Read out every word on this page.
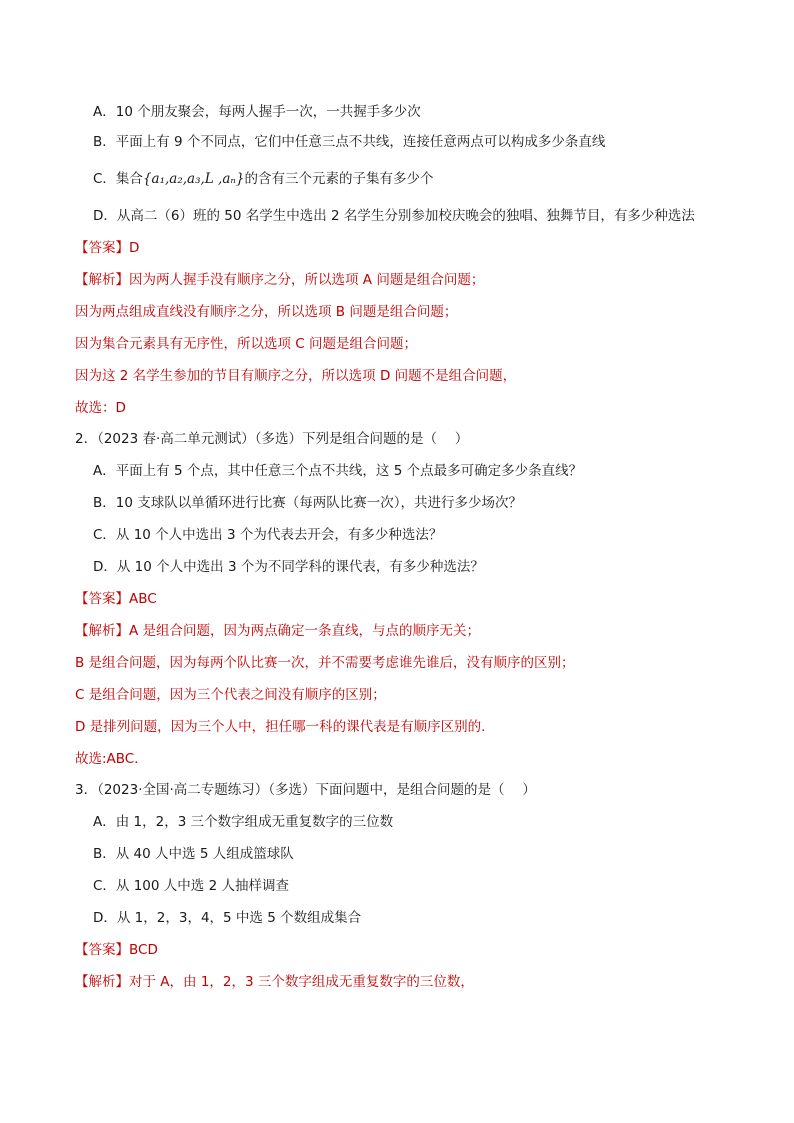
A．10 个朋友聚会，每两人握手一次，一共握手多少次
B．平面上有 9 个不同点，它们中任意三点不共线，连接任意两点可以构成多少条直线
C．集合{a₁,a₂,a₃,L ,aₙ}的含有三个元素的子集有多少个
D．从高二（6）班的 50 名学生中选出 2 名学生分别参加校庆晚会的独唱、独舞节目，有多少种选法
【答案】D
【解析】因为两人握手没有顺序之分，所以选项 A 问题是组合问题；
因为两点组成直线没有顺序之分，所以选项 B 问题是组合问题；
因为集合元素具有无序性，所以选项 C 问题是组合问题；
因为这 2 名学生参加的节目有顺序之分，所以选项 D 问题不是组合问题，
故选：D
2．（2023 春·高二单元测试）（多选）下列是组合问题的是（　 ）
A．平面上有 5 个点，其中任意三个点不共线，这 5 个点最多可确定多少条直线？
B．10 支球队以单循环进行比赛（每两队比赛一次），共进行多少场次？
C．从 10 个人中选出 3 个为代表去开会，有多少种选法？
D．从 10 个人中选出 3 个为不同学科的课代表，有多少种选法？
【答案】ABC
【解析】A 是组合问题，因为两点确定一条直线，与点的顺序无关；
B 是组合问题，因为每两个队比赛一次，并不需要考虑谁先谁后，没有顺序的区别；
C 是组合问题，因为三个代表之间没有顺序的区别；
D 是排列问题，因为三个人中，担任哪一科的课代表是有顺序区别的.
故选:ABC．
3．（2023·全国·高二专题练习）（多选）下面问题中，是组合问题的是（　 ）
A．由 1，2，3 三个数字组成无重复数字的三位数
B．从 40 人中选 5 人组成篮球队
C．从 100 人中选 2 人抽样调查
D．从 1，2，3，4，5 中选 5 个数组成集合
【答案】BCD
【解析】对于 A，由 1，2，3 三个数字组成无重复数字的三位数，
